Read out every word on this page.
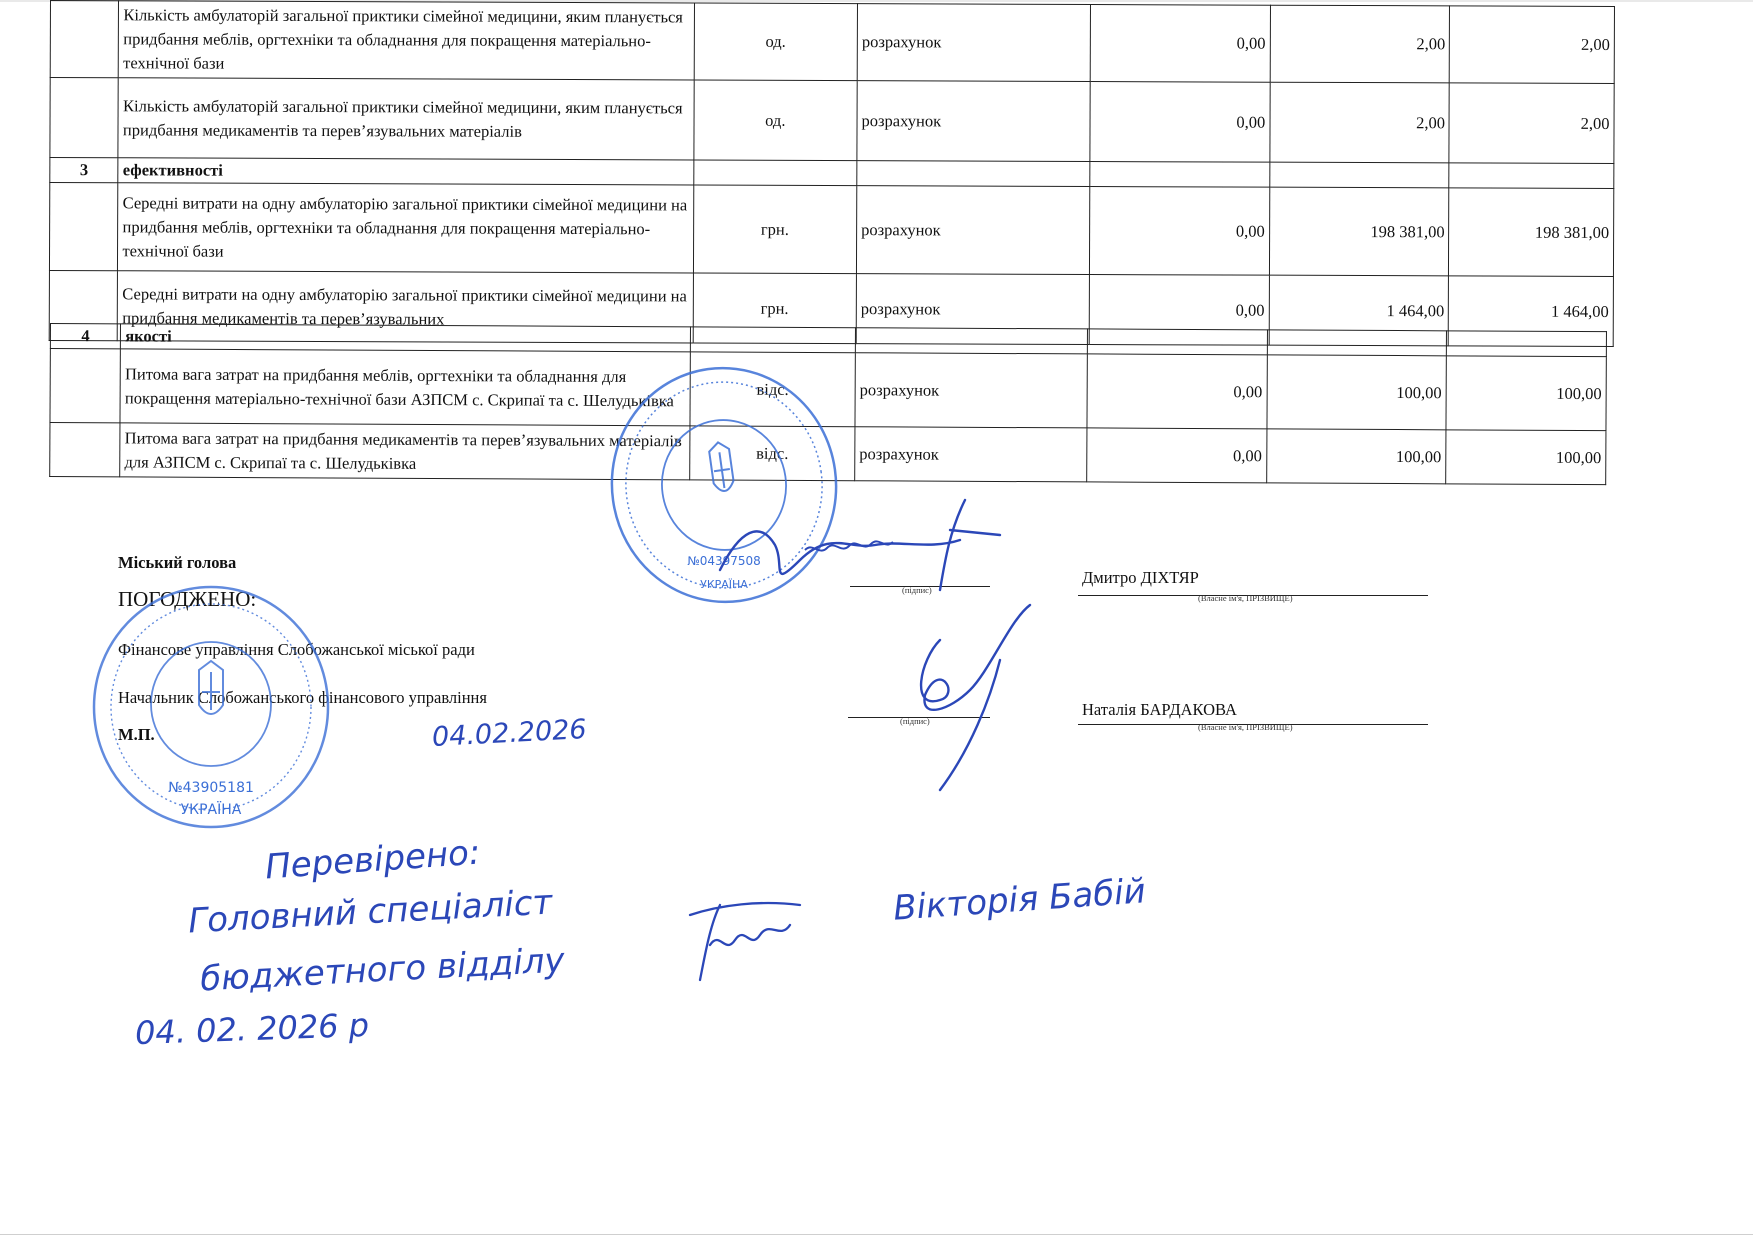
	Кількість амбулаторій загальної приктики сімейної медицини, яким планується придбання меблів, оргтехніки та обладнання для покращення матеріально-технічної бази	од.	розрахунок	0,00	2,00	2,00
	Кількість амбулаторій загальної приктики сімейної медицини, яким планується придбання медикаментів та перев’язувальних матеріалів	од.	розрахунок	0,00	2,00	2,00
3	ефективності					
	Середні витрати на одну амбулаторію загальної приктики сімейної медицини на придбання меблів, оргтехніки та обладнання для покращення матеріально-технічної бази	грн.	розрахунок	0,00	198 381,00	198 381,00
	Середні витрати на одну амбулаторію загальної приктики сімейної медицини на придбання медикаментів та перев’язувальних	грн.	розрахунок	0,00	1 464,00	1 464,00
4	якості					
	Питома вага затрат на придбання меблів, оргтехніки та обладнання для покращення матеріально-технічної бази АЗПСМ с. Скрипаї та с. Шелудьківка	відс.	розрахунок	0,00	100,00	100,00
	Питома вага затрат на придбання медикаментів та перев’язувальних матеріалів для АЗПСМ с. Скрипаї та с. Шелудьківка	відс.	розрахунок	0,00	100,00	100,00
Міський голова
(підпис)
Дмитро ДІХТЯР
(Власне ім'я, ПРІЗВИЩЕ)
ПОГОДЖЕНО:
Фінансове управління Слобожанської міської ради
Начальник Слобожанського фінансового управління
М.П.
(підпис)
Наталія БАРДАКОВА
(Власне ім'я, ПРІЗВИЩЕ)
УКРАЇНА
№04397508
№43905181
УКРАЇНА
04.02.2026
Перевірено:
Головний спеціаліст
бюджетного відділу
Вікторія Бабій
04. 02. 2026 р
